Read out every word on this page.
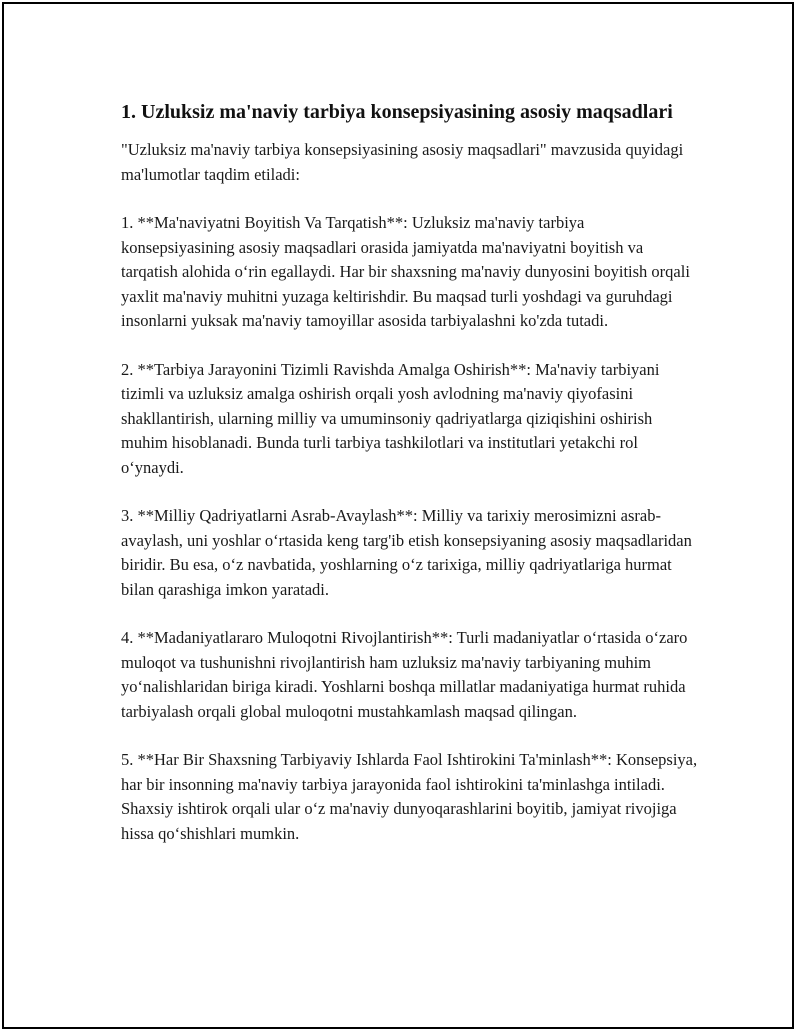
1. Uzluksiz ma'naviy tarbiya konsepsiyasining asosiy maqsadlari

"Uzluksiz ma'naviy tarbiya konsepsiyasining asosiy maqsadlari" mavzusida quyidagi ma'lumotlar taqdim etiladi:

1. **Ma'naviyatni Boyitish Va Tarqatish**: Uzluksiz ma'naviy tarbiya konsepsiyasining asosiy maqsadlari orasida jamiyatda ma'naviyatni boyitish va tarqatish alohida o‘rin egallaydi. Har bir shaxsning ma'naviy dunyosini boyitish orqali yaxlit ma'naviy muhitni yuzaga keltirishdir. Bu maqsad turli yoshdagi va guruhdagi insonlarni yuksak ma'naviy tamoyillar asosida tarbiyalashni ko'zda tutadi.

2. **Tarbiya Jarayonini Tizimli Ravishda Amalga Oshirish**: Ma'naviy tarbiyani tizimli va uzluksiz amalga oshirish orqali yosh avlodning ma'naviy qiyofasini shakllantirish, ularning milliy va umuminsoniy qadriyatlarga qiziqishini oshirish muhim hisoblanadi. Bunda turli tarbiya tashkilotlari va institutlari yetakchi rol o‘ynaydi.

3. **Milliy Qadriyatlarni Asrab-Avaylash**: Milliy va tarixiy merosimizni asrab-avaylash, uni yoshlar o‘rtasida keng targ'ib etish konsepsiyaning asosiy maqsadlaridan biridir. Bu esa, o‘z navbatida, yoshlarning o‘z tarixiga, milliy qadriyatlariga hurmat bilan qarashiga imkon yaratadi.

4. **Madaniyatlararo Muloqotni Rivojlantirish**: Turli madaniyatlar o‘rtasida o‘zaro muloqot va tushunishni rivojlantirish ham uzluksiz ma'naviy tarbiyaning muhim yo‘nalishlaridan biriga kiradi. Yoshlarni boshqa millatlar madaniyatiga hurmat ruhida tarbiyalash orqali global muloqotni mustahkamlash maqsad qilingan.

5. **Har Bir Shaxsning Tarbiyaviy Ishlarda Faol Ishtirokini Ta'minlash**: Konsepsiya, har bir insonning ma'naviy tarbiya jarayonida faol ishtirokini ta'minlashga intiladi. Shaxsiy ishtirok orqali ular o‘z ma'naviy dunyoqarashlarini boyitib, jamiyat rivojiga hissa qo‘shishlari mumkin.
